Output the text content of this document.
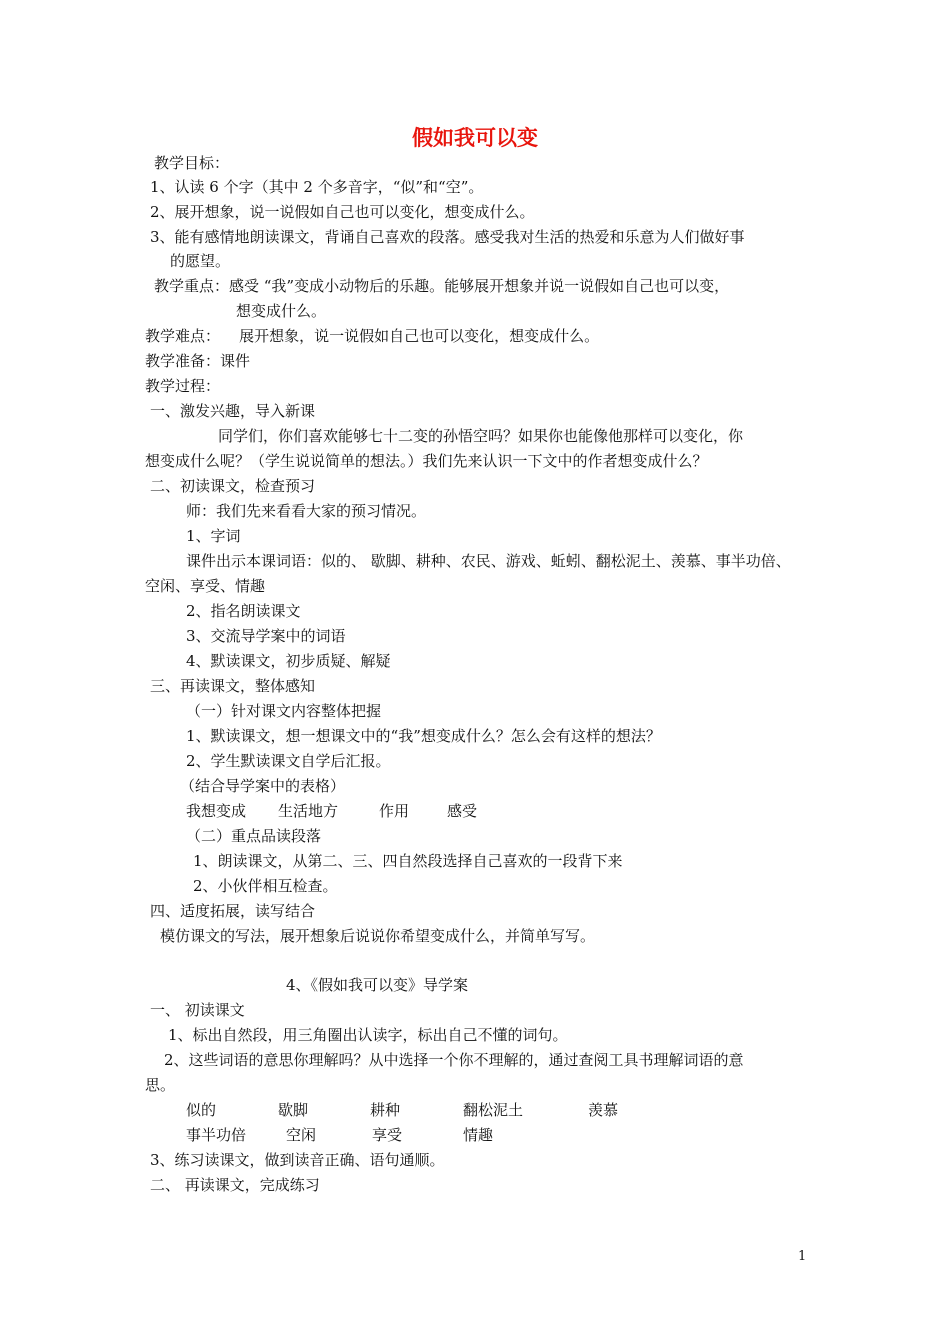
假如我可以变
教学目标：
1、认读 6 个字（其中 2 个多音字，“似”和“空”。
2、展开想象，说一说假如自己也可以变化，想变成什么。
3、能有感情地朗读课文，背诵自己喜欢的段落。感受我对生活的热爱和乐意为人们做好事
的愿望。
教学重点：感受 “我”变成小动物后的乐趣。能够展开想象并说一说假如自己也可以变，
想变成什么。
教学难点：    展开想象，说一说假如自己也可以变化，想变成什么。
教学准备：课件
教学过程：
一、激发兴趣，导入新课
同学们，你们喜欢能够七十二变的孙悟空吗？如果你也能像他那样可以变化，你
想变成什么呢？（学生说说简单的想法。）我们先来认识一下文中的作者想变成什么？
二、初读课文，检查预习
师：我们先来看看大家的预习情况。
1、字词
课件出示本课词语：似的、 歇脚、耕种、农民、游戏、蚯蚓、翻松泥土、羡慕、事半功倍、
空闲、享受、情趣
2、指名朗读课文
3、交流导学案中的词语
4、默读课文，初步质疑、解疑
三、再读课文，整体感知
（一）针对课文内容整体把握
1、默读课文，想一想课文中的“我”想变成什么？怎么会有这样的想法？
2、学生默读课文自学后汇报。
（结合导学案中的表格）
我想变成 生活地方	作用	感受
（二）重点品读段落
1、朗读课文，从第二、三、四自然段选择自己喜欢的一段背下来
2、小伙伴相互检查。
四、适度拓展，读写结合
模仿课文的写法，展开想象后说说你希望变成什么，并简单写写。
4、《假如我可以变》导学案
一、 初读课文
1、标出自然段，用三角圈出认读字，标出自己不懂的词句。
2、这些词语的意思你理解吗？从中选择一个你不理解的，通过查阅工具书理解词语的意
思。
似的	歇脚	耕种	翻松泥土	羡慕
事半功倍	空闲	享受	情趣
3、练习读课文，做到读音正确、语句通顺。
二、 再读课文，完成练习
1
